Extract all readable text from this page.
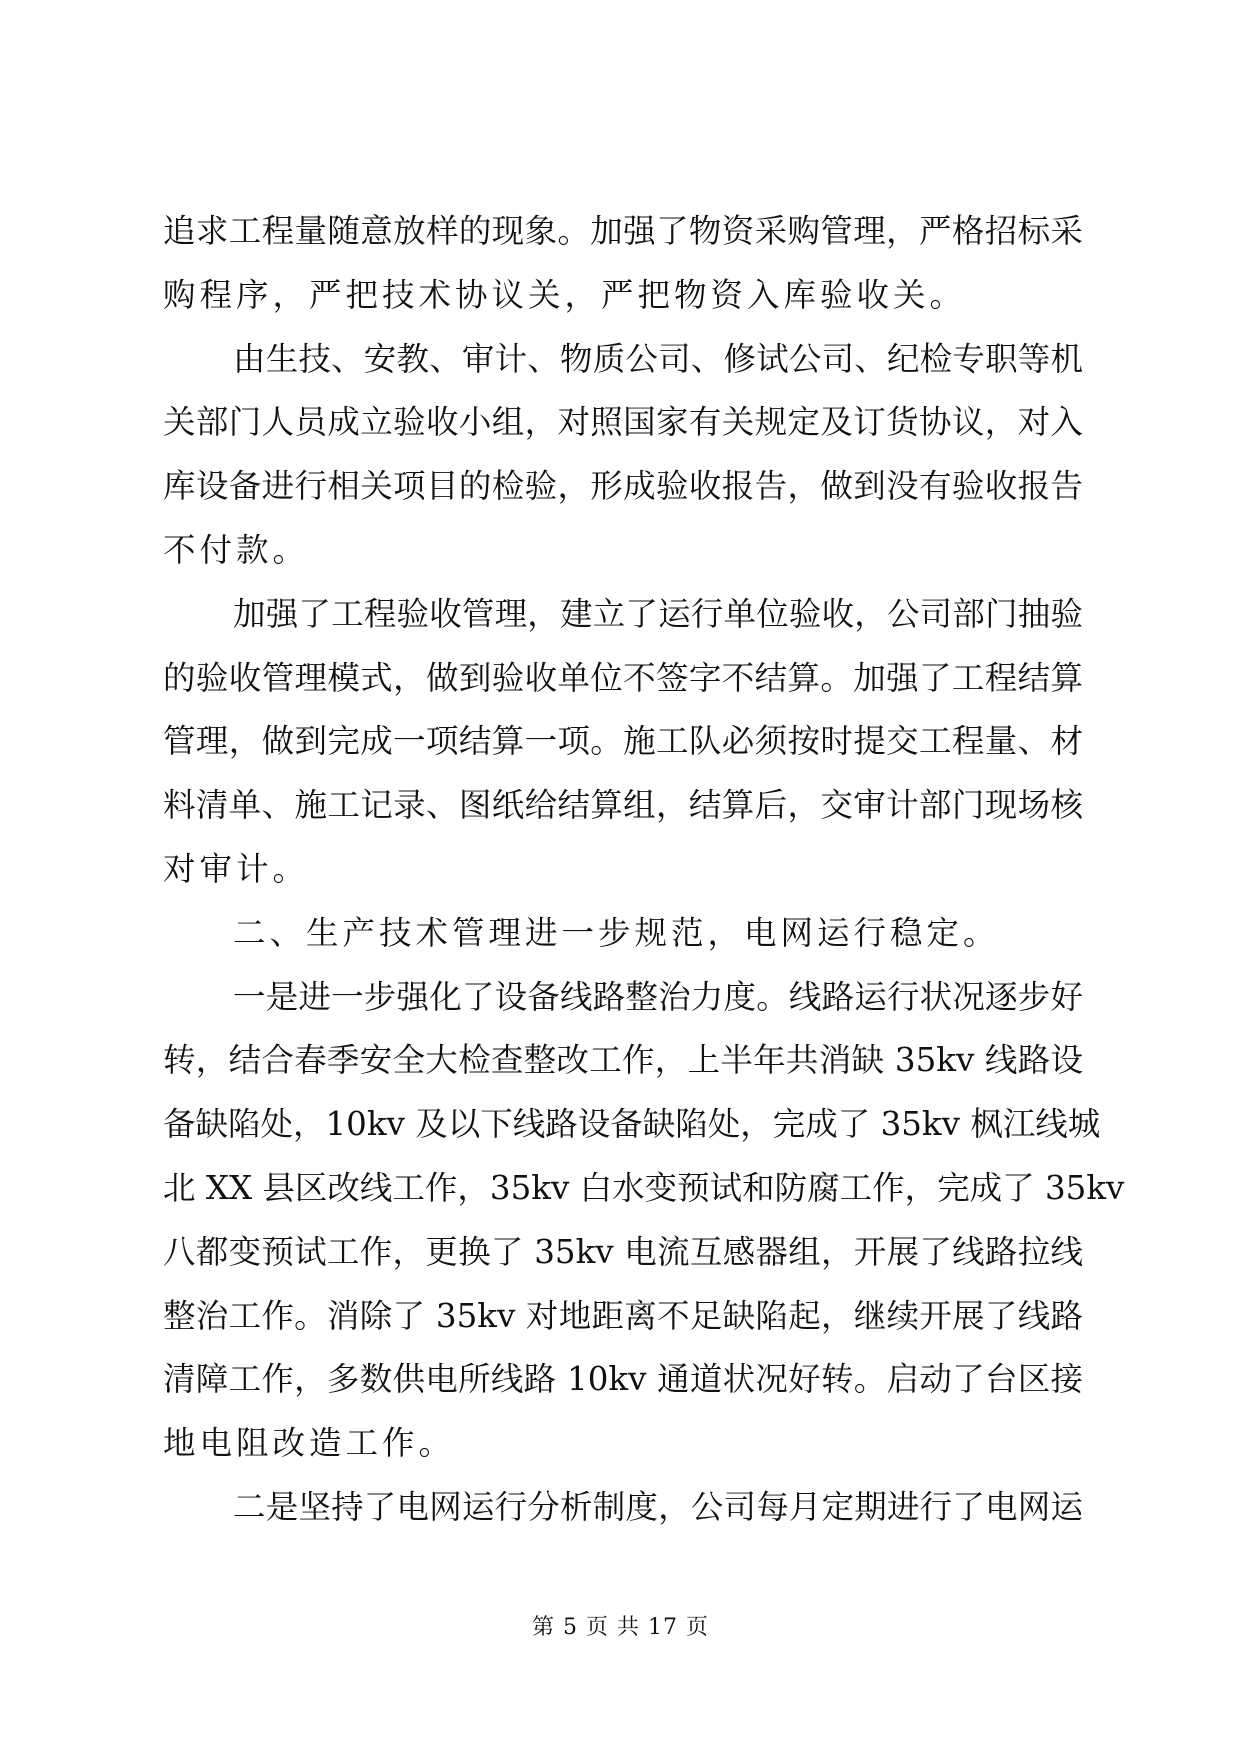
追求工程量随意放样的现象。加强了物资采购管理，严格招标采
购程序，严把技术协议关，严把物资入库验收关。
由生技、安教、审计、物质公司、修试公司、纪检专职等机
关部门人员成立验收小组，对照国家有关规定及订货协议，对入
库设备进行相关项目的检验，形成验收报告，做到没有验收报告
不付款。
加强了工程验收管理，建立了运行单位验收，公司部门抽验
的验收管理模式，做到验收单位不签字不结算。加强了工程结算
管理，做到完成一项结算一项。施工队必须按时提交工程量、材
料清单、施工记录、图纸给结算组，结算后，交审计部门现场核
对审计。
二、生产技术管理进一步规范，电网运行稳定。
一是进一步强化了设备线路整治力度。线路运行状况逐步好
转，结合春季安全大检查整改工作，上半年共消缺 35kv 线路设
备缺陷处，10kv 及以下线路设备缺陷处，完成了 35kv 枫江线城
北 XX 县区改线工作，35kv 白水变预试和防腐工作，完成了 35kv
八都变预试工作，更换了 35kv 电流互感器组，开展了线路拉线
整治工作。消除了 35kv 对地距离不足缺陷起，继续开展了线路
清障工作，多数供电所线路 10kv 通道状况好转。启动了台区接
地电阻改造工作。
二是坚持了电网运行分析制度，公司每月定期进行了电网运
第 5 页 共 17 页
